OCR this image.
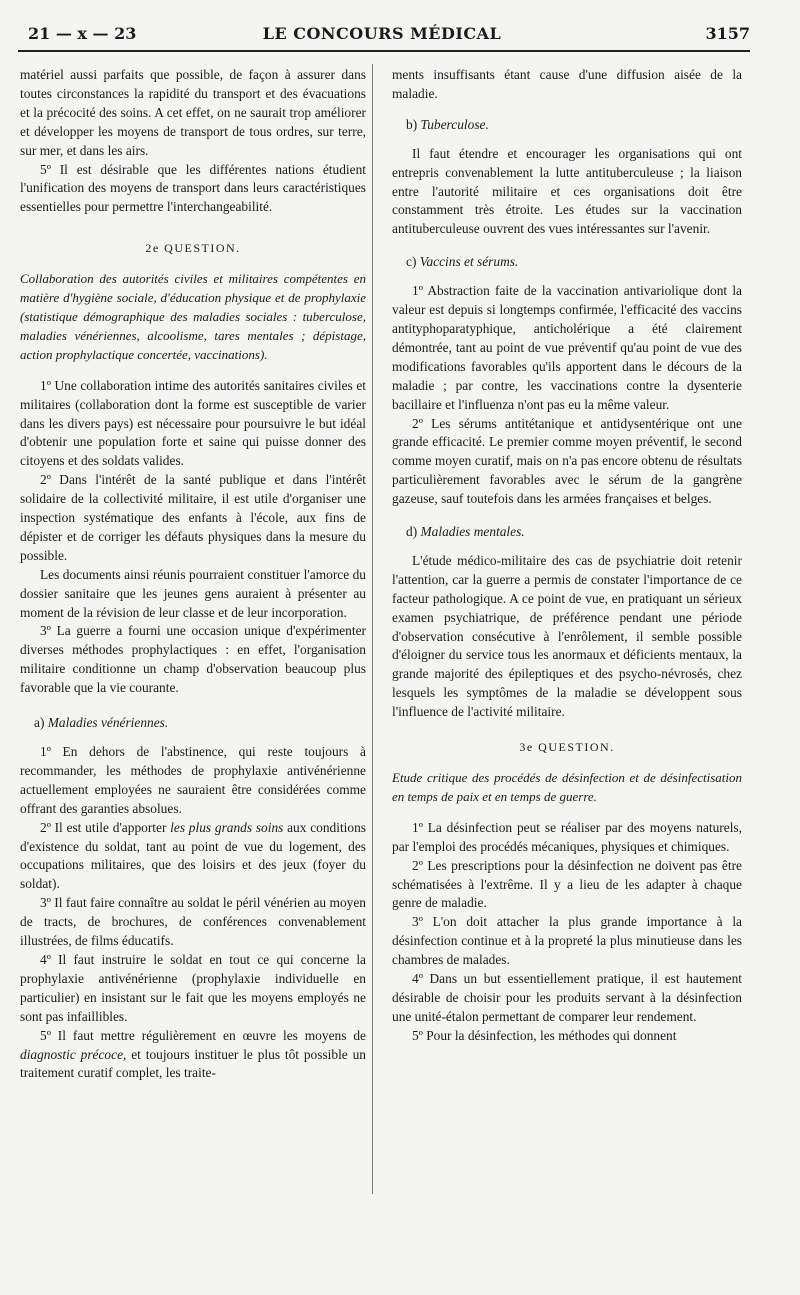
21 — x — 23	LE CONCOURS MÉDICAL	3157

matériel aussi parfaits que possible, de façon à assurer dans toutes circonstances la rapidité du transport et des évacuations et la précocité des soins. A cet effet, on ne saurait trop améliorer et développer les moyens de transport de tous ordres, sur terre, sur mer, et dans les airs.

5º Il est désirable que les différentes nations étudient l'unification des moyens de transport dans leurs caractéristiques essentielles pour permettre l'interchangeabilité.

2e QUESTION.

Collaboration des autorités civiles et militaires compétentes en matière d'hygiène sociale, d'éducation physique et de prophylaxie (statistique démographique des maladies sociales : tuberculose, maladies vénériennes, alcoolisme, tares mentales ; dépistage, action prophylactique concertée, vaccinations).

1º Une collaboration intime des autorités sanitaires civiles et militaires (collaboration dont la forme est susceptible de varier dans les divers pays) est nécessaire pour poursuivre le but idéal d'obtenir une population forte et saine qui puisse donner des citoyens et des soldats valides.

2º Dans l'intérêt de la santé publique et dans l'intérêt solidaire de la collectivité militaire, il est utile d'organiser une inspection systématique des enfants à l'école, aux fins de dépister et de corriger les défauts physiques dans la mesure du possible.

Les documents ainsi réunis pourraient constituer l'amorce du dossier sanitaire que les jeunes gens auraient à présenter au moment de la révision de leur classe et de leur incorporation.

3º La guerre a fourni une occasion unique d'expérimenter diverses méthodes prophylactiques : en effet, l'organisation militaire conditionne un champ d'observation beaucoup plus favorable que la vie courante.

a) Maladies vénériennes.

1º En dehors de l'abstinence, qui reste toujours à recommander, les méthodes de prophylaxie antivénérienne actuellement employées ne sauraient être considérées comme offrant des garanties absolues.

2º Il est utile d'apporter les plus grands soins aux conditions d'existence du soldat, tant au point de vue du logement, des occupations militaires, que des loisirs et des jeux (foyer du soldat).

3º Il faut faire connaître au soldat le péril vénérien au moyen de tracts, de brochures, de conférences convenablement illustrées, de films éducatifs.

4º Il faut instruire le soldat en tout ce qui concerne la prophylaxie antivénérienne (prophylaxie individuelle en particulier) en insistant sur le fait que les moyens employés ne sont pas infaillibles.

5º Il faut mettre régulièrement en œuvre les moyens de diagnostic précoce, et toujours instituer le plus tôt possible un traitement curatif complet, les traite-

ments insuffisants étant cause d'une diffusion aisée de la maladie.

b) Tuberculose.

Il faut étendre et encourager les organisations qui ont entrepris convenablement la lutte antituberculeuse ; la liaison entre l'autorité militaire et ces organisations doit être constamment très étroite. Les études sur la vaccination antituberculeuse ouvrent des vues intéressantes sur l'avenir.

c) Vaccins et sérums.

1º Abstraction faite de la vaccination antivariolique dont la valeur est depuis si longtemps confirmée, l'efficacité des vaccins antityphoparatyphique, anticholérique a été clairement démontrée, tant au point de vue préventif qu'au point de vue des modifications favorables qu'ils apportent dans le décours de la maladie ; par contre, les vaccinations contre la dysenterie bacillaire et l'influenza n'ont pas eu la même valeur.

2º Les sérums antitétanique et antidysentérique ont une grande efficacité. Le premier comme moyen préventif, le second comme moyen curatif, mais on n'a pas encore obtenu de résultats particulièrement favorables avec le sérum de la gangrène gazeuse, sauf toutefois dans les armées françaises et belges.

d) Maladies mentales.

L'étude médico-militaire des cas de psychiatrie doit retenir l'attention, car la guerre a permis de constater l'importance de ce facteur pathologique. A ce point de vue, en pratiquant un sérieux examen psychiatrique, de préférence pendant une période d'observation consécutive à l'enrôlement, il semble possible d'éloigner du service tous les anormaux et déficients mentaux, la grande majorité des épileptiques et des psycho-névrosés, chez lesquels les symptômes de la maladie se développent sous l'influence de l'activité militaire.

3e QUESTION.

Etude critique des procédés de désinfection et de désinfectisation en temps de paix et en temps de guerre.

1º La désinfection peut se réaliser par des moyens naturels, par l'emploi des procédés mécaniques, physiques et chimiques.

2º Les prescriptions pour la désinfection ne doivent pas être schématisées à l'extrême. Il y a lieu de les adapter à chaque genre de maladie.

3º L'on doit attacher la plus grande importance à la désinfection continue et à la propreté la plus minutieuse dans les chambres de malades.

4º Dans un but essentiellement pratique, il est hautement désirable de choisir pour les produits servant à la désinfection une unité-étalon permettant de comparer leur rendement.

5º Pour la désinfection, les méthodes qui donnent
